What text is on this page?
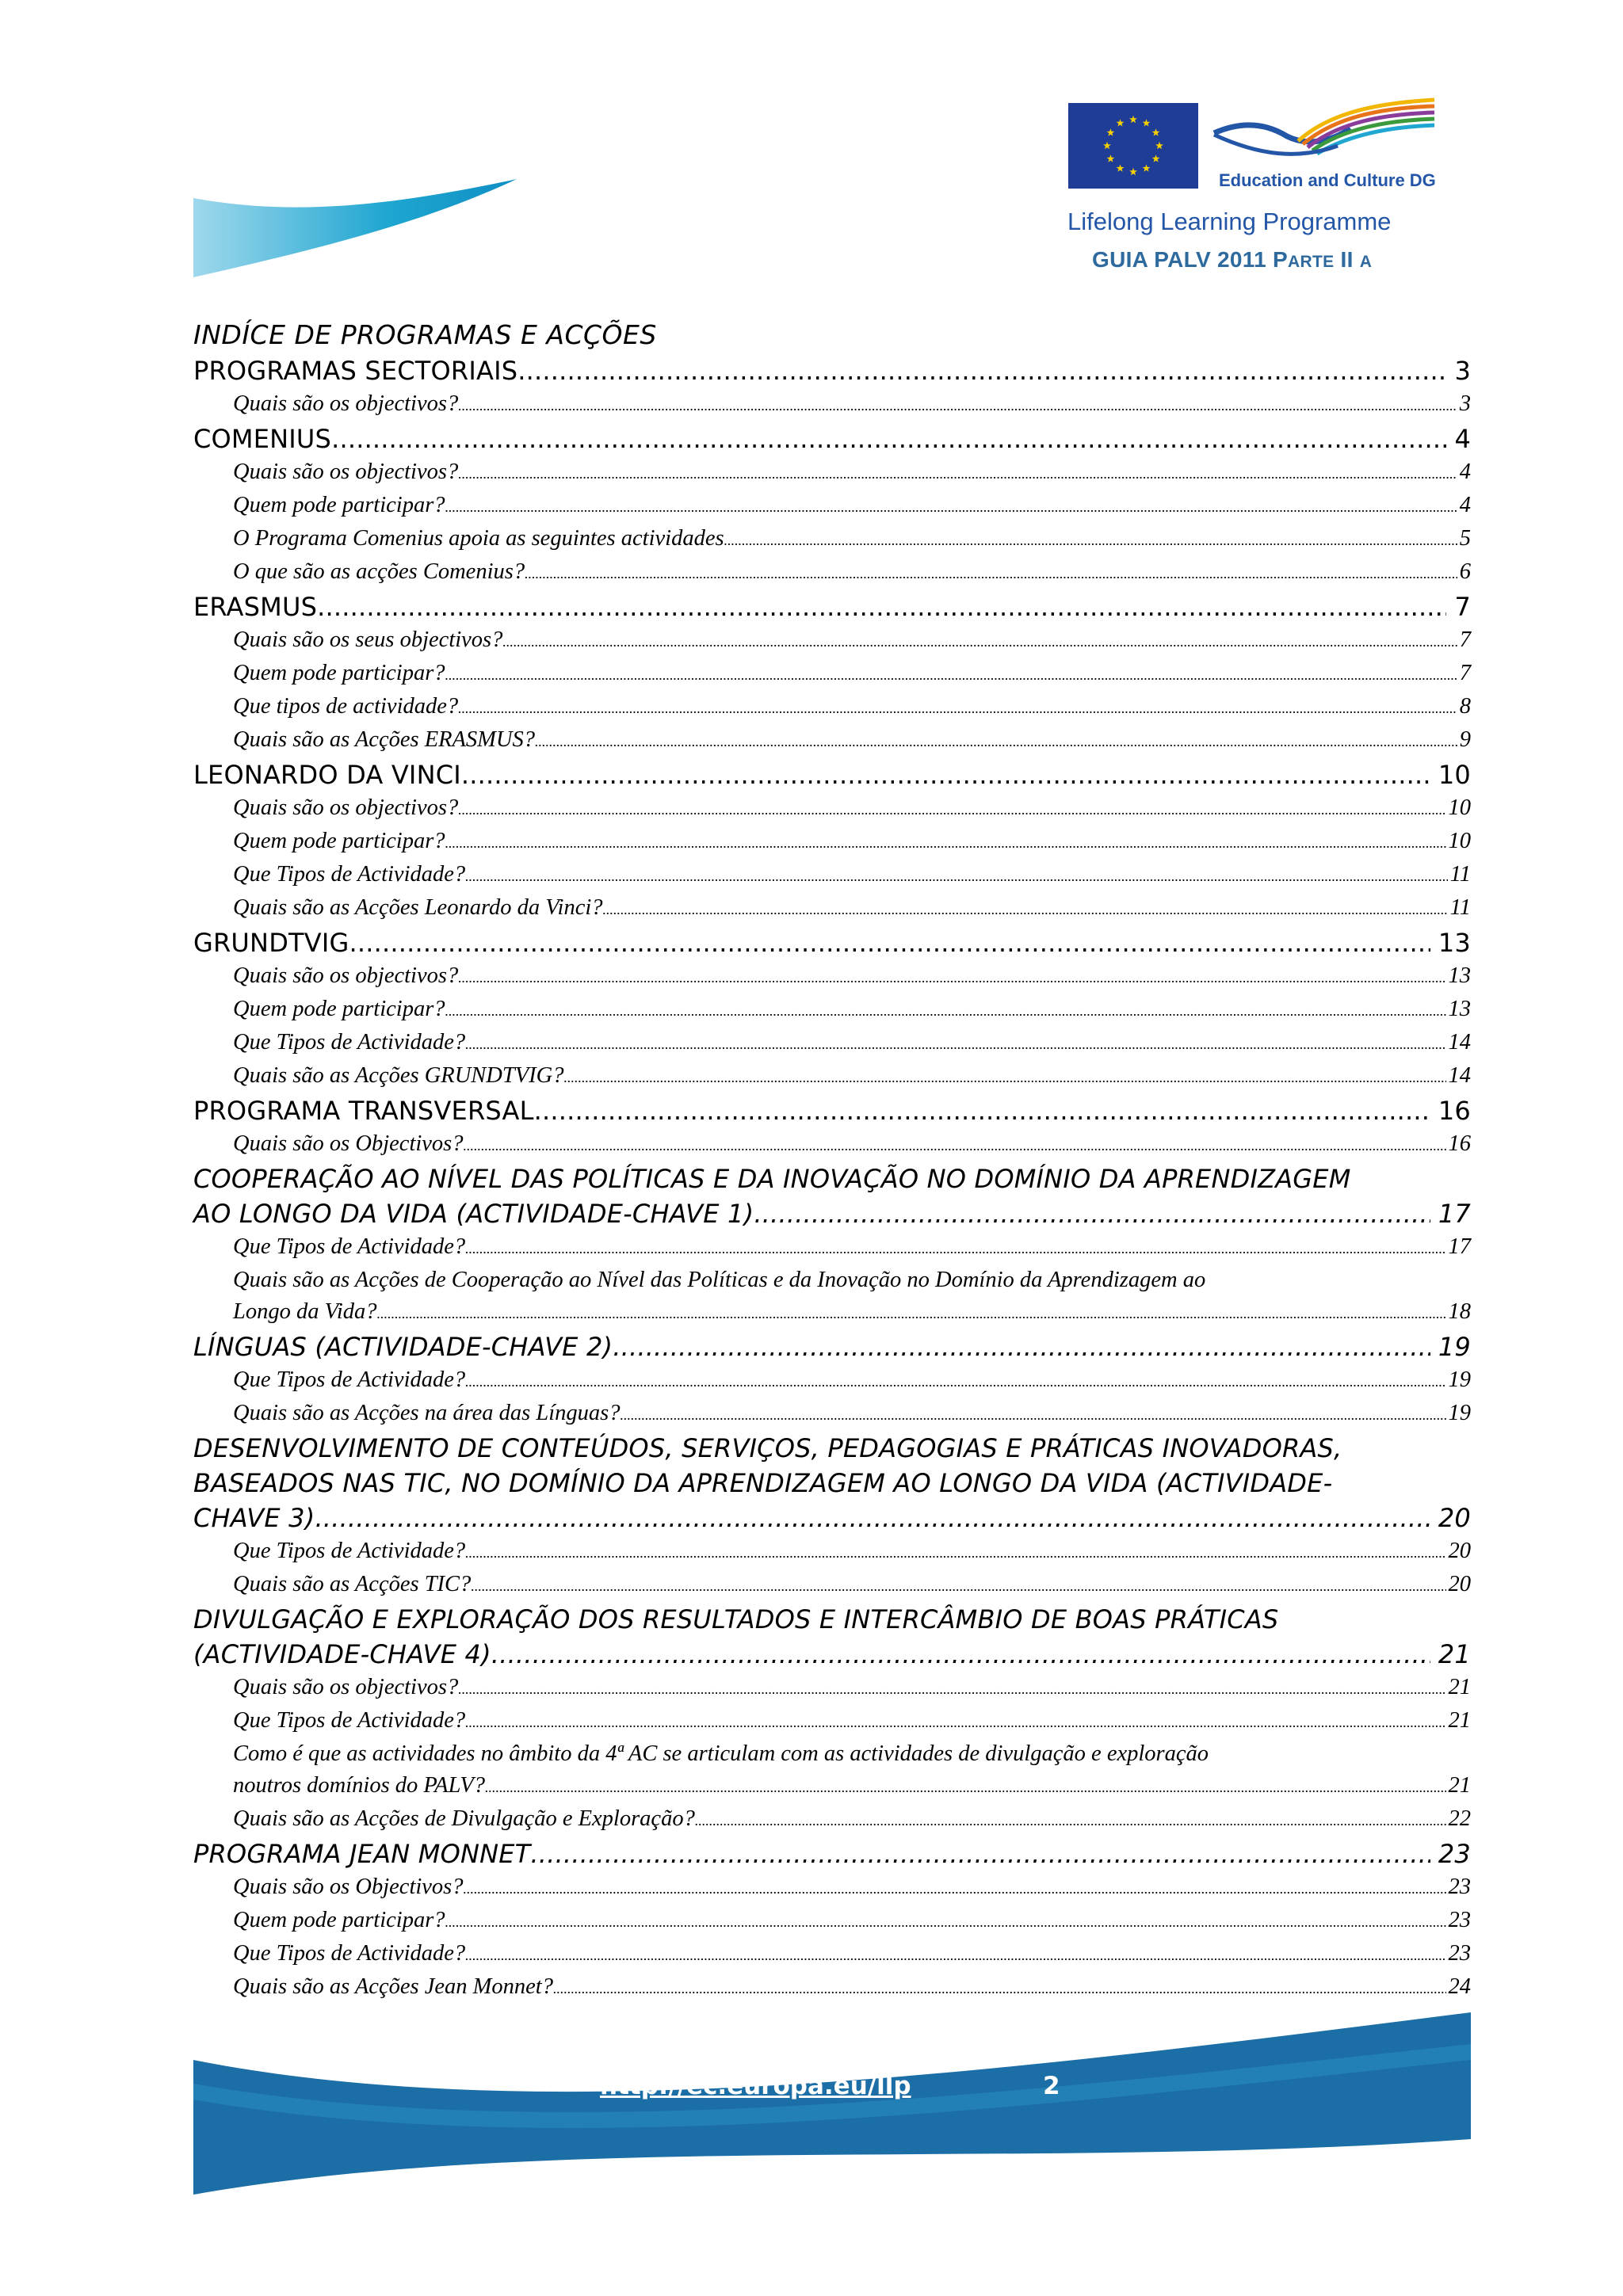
Education and Culture DG
Lifelong Learning Programme
GUIA PALV 2011 PARTE II A
INDÍCE DE PROGRAMAS E ACÇÕES
PROGRAMAS SECTORIAIS .....	3
Quais são os objectivos? .....	3
COMENIUS .....	4
Quais são os objectivos? .....	4
Quem pode participar? .....	4
O Programa Comenius apoia as seguintes actividades .....	5
O que são as acções Comenius? .....	6
ERASMUS .....	7
Quais são os seus objectivos? .....	7
Quem pode participar? .....	7
Que tipos de actividade? .....	8
Quais são as Acções ERASMUS? .....	9
LEONARDO DA VINCI .....	10
Quais são os objectivos? .....	10
Quem pode participar? .....	10
Que Tipos de Actividade? .....	11
Quais são as Acções Leonardo da Vinci? .....	11
GRUNDTVIG .....	13
Quais são os objectivos? .....	13
Quem pode participar? .....	13
Que Tipos de Actividade? .....	14
Quais são as Acções GRUNDTVIG? .....	14
PROGRAMA TRANSVERSAL .....	16
Quais são os Objectivos? .....	16
COOPERAÇÃO AO NÍVEL DAS POLÍTICAS E DA INOVAÇÃO NO DOMÍNIO DA APRENDIZAGEM
AO LONGO DA VIDA (ACTIVIDADE-CHAVE 1) .....	17
Que Tipos de Actividade? .....	17
Quais são as Acções de Cooperação ao Nível das Políticas e da Inovação no Domínio da Aprendizagem ao
Longo da Vida? .....	18
LÍNGUAS (ACTIVIDADE-CHAVE 2) .....	19
Que Tipos de Actividade? .....	19
Quais são as Acções na área das Línguas? .....	19
DESENVOLVIMENTO DE CONTEÚDOS, SERVIÇOS, PEDAGOGIAS E PRÁTICAS INOVADORAS,
BASEADOS NAS TIC, NO DOMÍNIO DA APRENDIZAGEM AO LONGO DA VIDA (ACTIVIDADE-
CHAVE 3) .....	20
Que Tipos de Actividade? .....	20
Quais são as Acções TIC? .....	20
DIVULGAÇÃO E EXPLORAÇÃO DOS RESULTADOS E INTERCÂMBIO DE BOAS PRÁTICAS
(ACTIVIDADE-CHAVE 4) .....	21
Quais são os objectivos? .....	21
Que Tipos de Actividade? .....	21
Como é que as actividades no âmbito da 4ª AC se articulam com as actividades de divulgação e exploração
noutros domínios do PALV? .....	21
Quais são as Acções de Divulgação e Exploração? .....	22
PROGRAMA JEAN MONNET .....	23
Quais são os Objectivos? .....	23
Quem pode participar? .....	23
Que Tipos de Actividade? .....	23
Quais são as Acções Jean Monnet? .....	24
http://ec.europa.eu/llp	2
